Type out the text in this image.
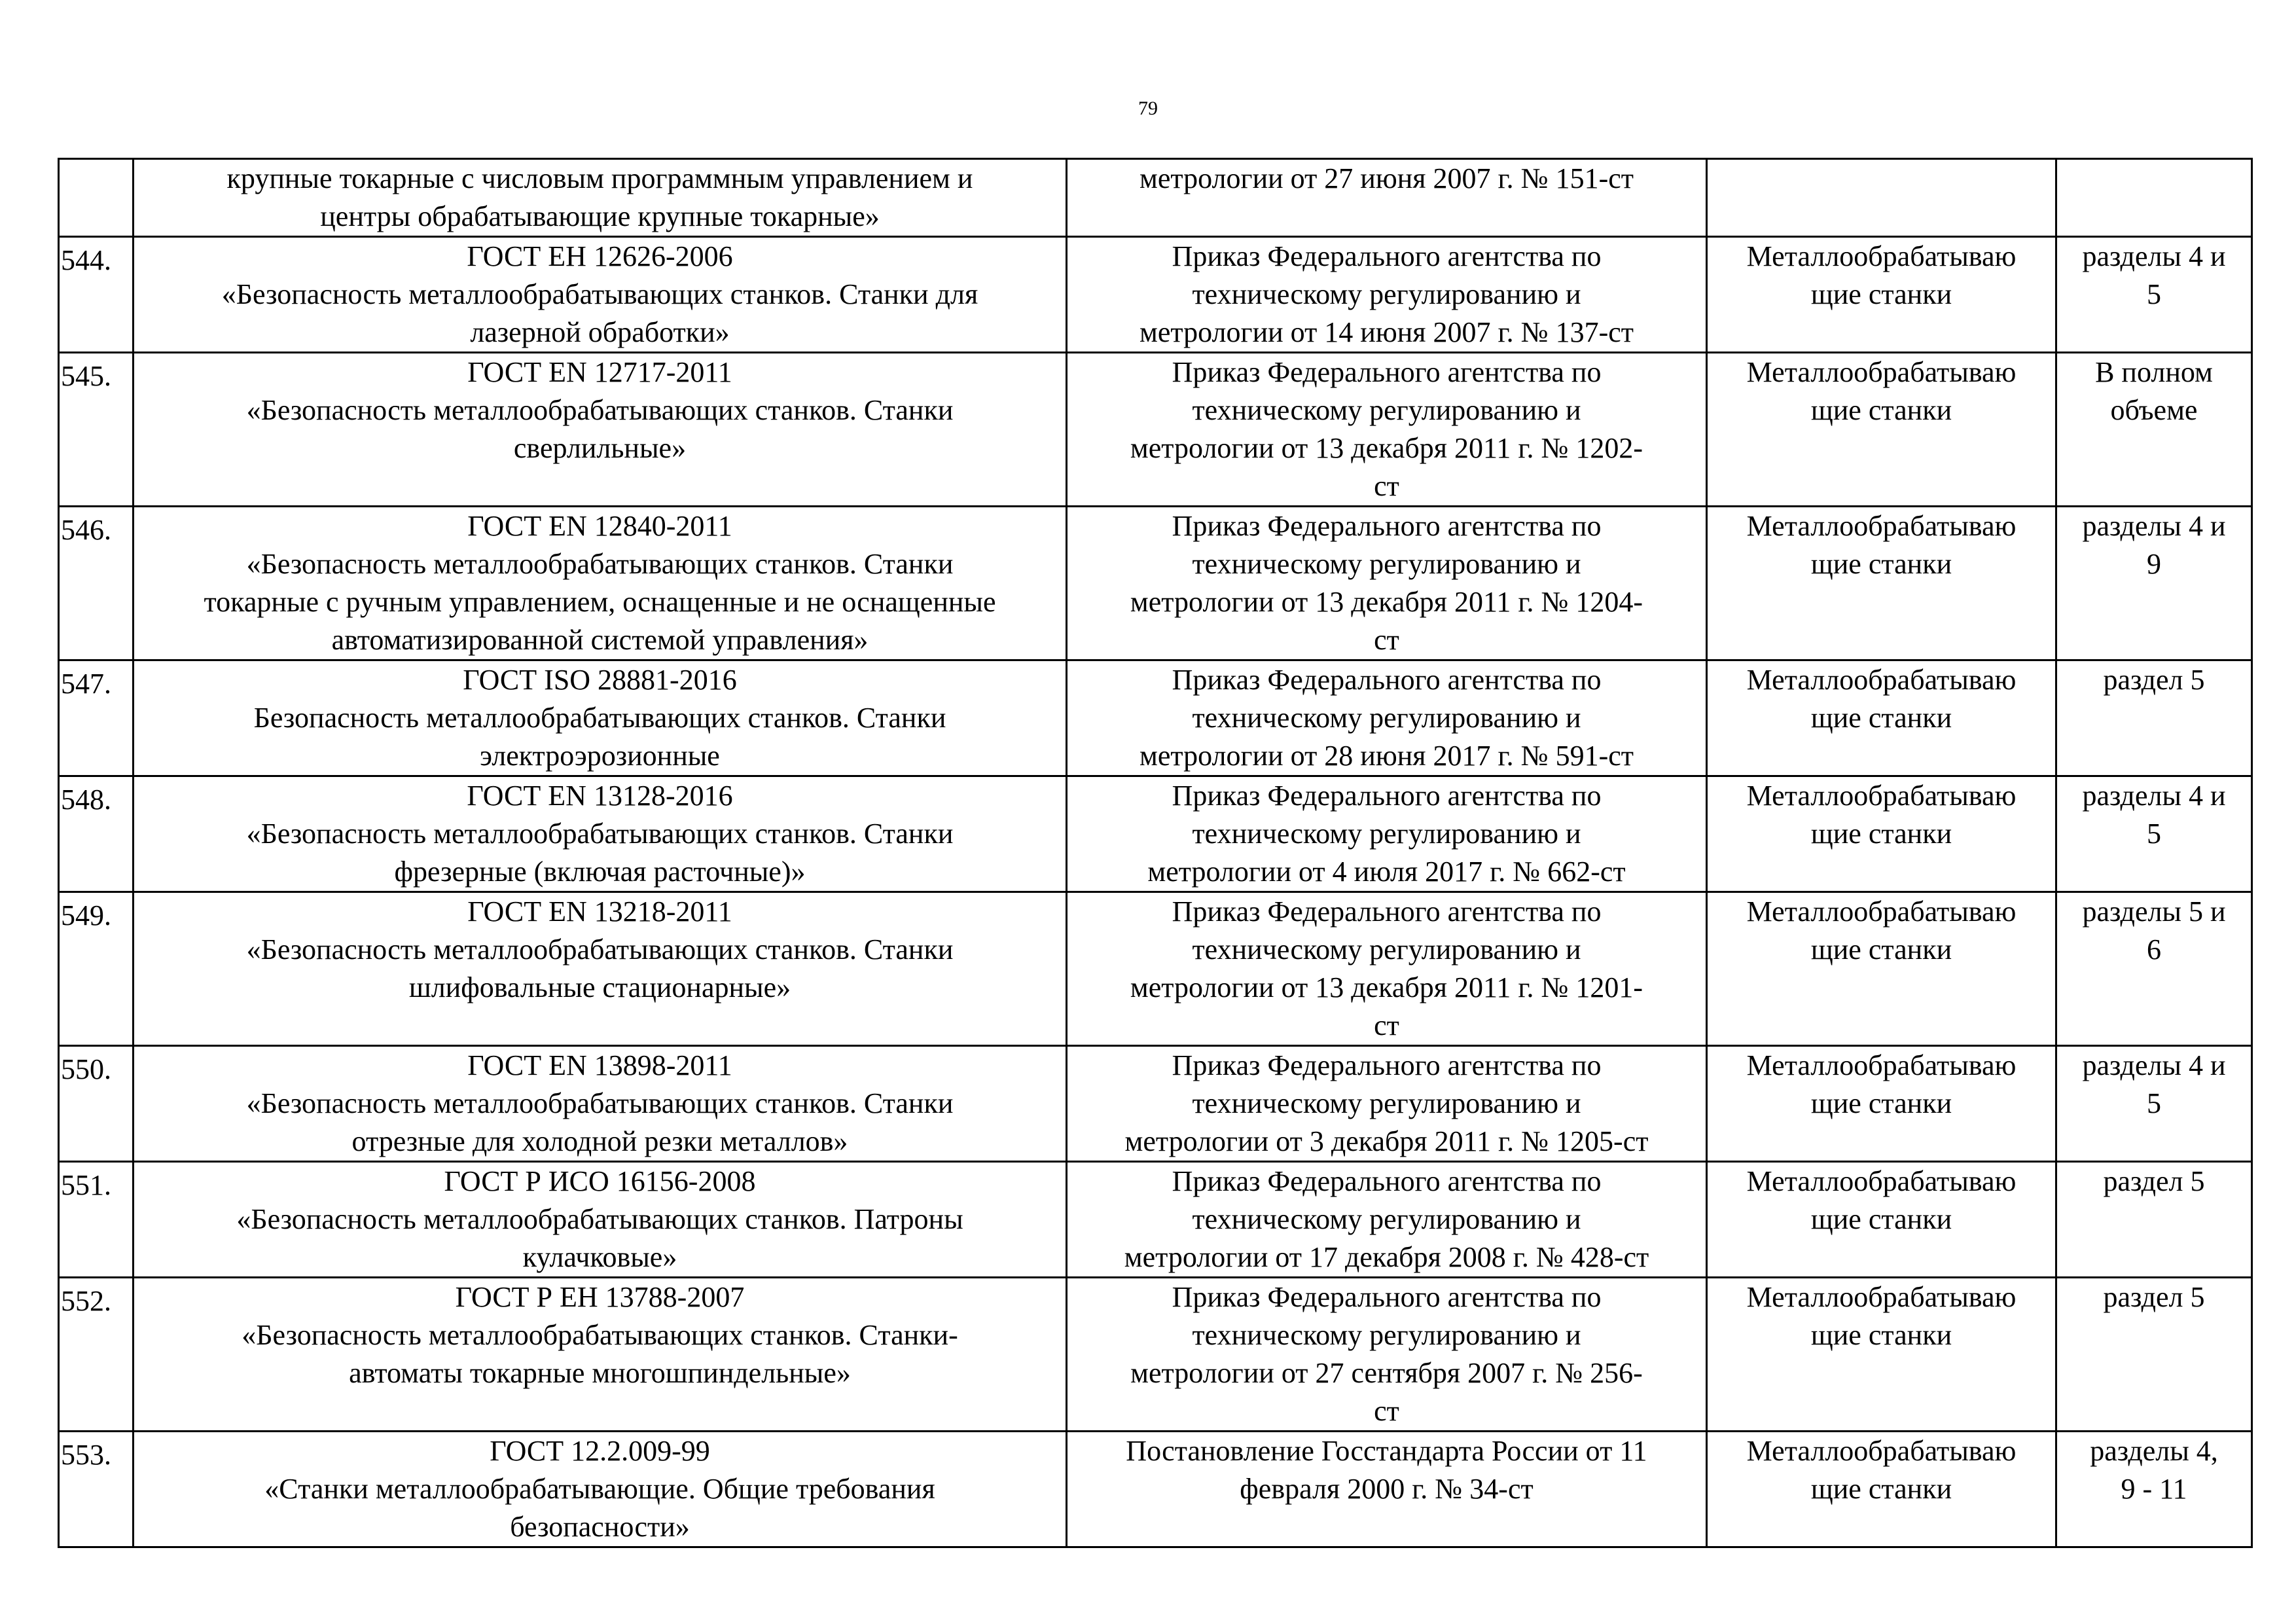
79

	крупные токарные с числовым программным управлением и
центры обрабатывающие крупные токарные»	метрологии от 27 июня 2007 г. № 151-ст		

544.	ГОСТ ЕН 12626-2006
«Безопасность металлообрабатывающих станков. Станки для
лазерной обработки»	Приказ Федерального агентства по
техническому регулированию и
метрологии от 14 июня 2007 г. № 137-ст	Металлообрабатываю
щие станки	разделы 4 и
5

545.	ГОСТ EN 12717-2011
«Безопасность металлообрабатывающих станков. Станки
сверлильные»	Приказ Федерального агентства по
техническому регулированию и
метрологии от 13 декабря 2011 г. № 1202-
ст	Металлообрабатываю
щие станки	В полном
объеме

546.	ГОСТ EN 12840-2011
«Безопасность металлообрабатывающих станков. Станки
токарные с ручным управлением, оснащенные и не оснащенные
автоматизированной системой управления»	Приказ Федерального агентства по
техническому регулированию и
метрологии от 13 декабря 2011 г. № 1204-
ст	Металлообрабатываю
щие станки	разделы 4 и
9

547.	ГОСТ ISO 28881-2016
Безопасность металлообрабатывающих станков. Станки
электроэрозионные	Приказ Федерального агентства по
техническому регулированию и
метрологии от 28 июня 2017 г. № 591-ст	Металлообрабатываю
щие станки	раздел 5

548.	ГОСТ EN 13128-2016
«Безопасность металлообрабатывающих станков. Станки
фрезерные (включая расточные)»	Приказ Федерального агентства по
техническому регулированию и
метрологии от 4 июля 2017 г. № 662-ст	Металлообрабатываю
щие станки	разделы 4 и
5

549.	ГОСТ EN 13218-2011
«Безопасность металлообрабатывающих станков. Станки
шлифовальные стационарные»	Приказ Федерального агентства по
техническому регулированию и
метрологии от 13 декабря 2011 г. № 1201-
ст	Металлообрабатываю
щие станки	разделы 5 и
6

550.	ГОСТ EN 13898-2011
«Безопасность металлообрабатывающих станков. Станки
отрезные для холодной резки металлов»	Приказ Федерального агентства по
техническому регулированию и
метрологии от 3 декабря 2011 г. № 1205-ст	Металлообрабатываю
щие станки	разделы 4 и
5

551.	ГОСТ Р ИСО 16156-2008
«Безопасность металлообрабатывающих станков. Патроны
кулачковые»	Приказ Федерального агентства по
техническому регулированию и
метрологии от 17 декабря 2008 г. № 428-ст	Металлообрабатываю
щие станки	раздел 5

552.	ГОСТ Р ЕН 13788-2007
«Безопасность металлообрабатывающих станков. Станки-
автоматы токарные многошпиндельные»	Приказ Федерального агентства по
техническому регулированию и
метрологии от 27 сентября 2007 г. № 256-
ст	Металлообрабатываю
щие станки	раздел 5

553.	ГОСТ 12.2.009-99
«Станки металлообрабатывающие. Общие требования
безопасности»	Постановление Госстандарта России от 11
февраля 2000 г. № 34-ст	Металлообрабатываю
щие станки	разделы 4,
9 - 11
